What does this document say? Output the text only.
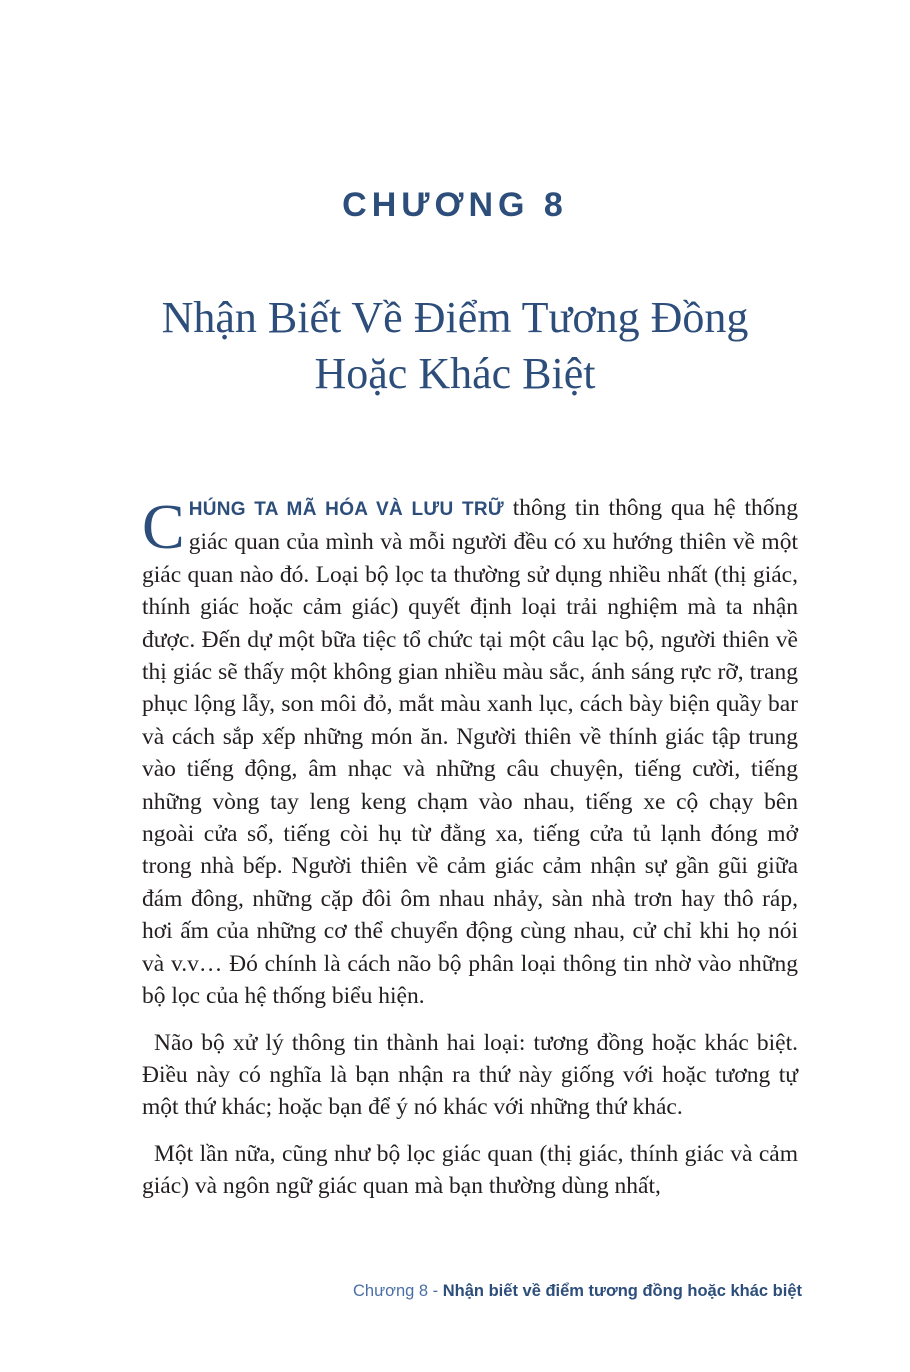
CHƯƠNG 8
Nhận Biết Về Điểm Tương Đồng
Hoặc Khác Biệt

CHÚNG TA MÃ HÓA VÀ LƯU TRỮ thông tin thông qua hệ thống giác quan của mình và mỗi người đều có xu hướng thiên về một giác quan nào đó. Loại bộ lọc ta thường sử dụng nhiều nhất (thị giác, thính giác hoặc cảm giác) quyết định loại trải nghiệm mà ta nhận được. Đến dự một bữa tiệc tổ chức tại một câu lạc bộ, người thiên về thị giác sẽ thấy một không gian nhiều màu sắc, ánh sáng rực rỡ, trang phục lộng lẫy, son môi đỏ, mắt màu xanh lục, cách bày biện quầy bar và cách sắp xếp những món ăn. Người thiên về thính giác tập trung vào tiếng động, âm nhạc và những câu chuyện, tiếng cười, tiếng những vòng tay leng keng chạm vào nhau, tiếng xe cộ chạy bên ngoài cửa sổ, tiếng còi hụ từ đằng xa, tiếng cửa tủ lạnh đóng mở trong nhà bếp. Người thiên về cảm giác cảm nhận sự gần gũi giữa đám đông, những cặp đôi ôm nhau nhảy, sàn nhà trơn hay thô ráp, hơi ấm của những cơ thể chuyển động cùng nhau, cử chỉ khi họ nói và v.v… Đó chính là cách não bộ phân loại thông tin nhờ vào những bộ lọc của hệ thống biểu hiện.

Não bộ xử lý thông tin thành hai loại: tương đồng hoặc khác biệt. Điều này có nghĩa là bạn nhận ra thứ này giống với hoặc tương tự một thứ khác; hoặc bạn để ý nó khác với những thứ khác.

Một lần nữa, cũng như bộ lọc giác quan (thị giác, thính giác và cảm giác) và ngôn ngữ giác quan mà bạn thường dùng nhất,

Chương 8 - Nhận biết về điểm tương đồng hoặc khác biệt
